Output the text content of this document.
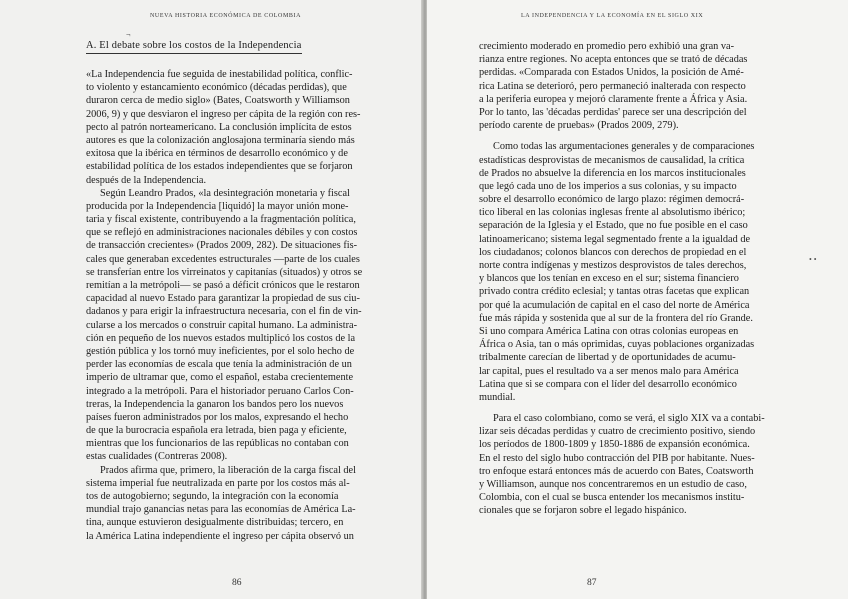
NUEVA HISTORIA ECONÓMICA DE COLOMBIA
¬
A. El debate sobre los costos de la Independencia
«La Independencia fue seguida de inestabilidad política, conflic-
to violento y estancamiento económico (décadas perdidas), que
duraron cerca de medio siglo» (Bates, Coatsworth y Williamson
2006, 9) y que desviaron el ingreso per cápita de la región con res-
pecto al patrón norteamericano. La conclusión implícita de estos
autores es que la colonización anglosajona terminaría siendo más
exitosa que la ibérica en términos de desarrollo económico y de
estabilidad política de los estados independientes que se forjaron
después de la Independencia.
Según Leandro Prados, «la desintegración monetaria y fiscal
producida por la Independencia [liquidó] la mayor unión mone-
taria y fiscal existente, contribuyendo a la fragmentación política,
que se reflejó en administraciones nacionales débiles y con costos
de transacción crecientes» (Prados 2009, 282). De situaciones fis-
cales que generaban excedentes estructurales —parte de los cuales
se transferían entre los virreinatos y capitanías (situados) y otros se
remitían a la metrópoli— se pasó a déficit crónicos que le restaron
capacidad al nuevo Estado para garantizar la propiedad de sus ciu-
dadanos y para erigir la infraestructura necesaria, con el fin de vin-
cularse a los mercados o construir capital humano. La administra-
ción en pequeño de los nuevos estados multiplicó los costos de la
gestión pública y los tornó muy ineficientes, por el solo hecho de
perder las economías de escala que tenía la administración de un
imperio de ultramar que, como el español, estaba crecientemente
integrado a la metrópoli. Para el historiador peruano Carlos Con-
treras, la Independencia la ganaron los bandos pero los nuevos
países fueron administrados por los malos, expresando el hecho
de que la burocracia española era letrada, bien paga y eficiente,
mientras que los funcionarios de las repúblicas no contaban con
estas cualidades (Contreras 2008).
Prados afirma que, primero, la liberación de la carga fiscal del
sistema imperial fue neutralizada en parte por los costos más al-
tos de autogobierno; segundo, la integración con la economía
mundial trajo ganancias netas para las economías de América La-
tina, aunque estuvieron desigualmente distribuidas; tercero, en
la América Latina independiente el ingreso per cápita observó un
86
LA INDEPENDENCIA Y LA ECONOMÍA EN EL SIGLO XIX
• •
crecimiento moderado en promedio pero exhibió una gran va-
rianza entre regiones. No acepta entonces que se trató de décadas
perdidas. «Comparada con Estados Unidos, la posición de Amé-
rica Latina se deterioró, pero permaneció inalterada con respecto
a la periferia europea y mejoró claramente frente a África y Asia.
Por lo tanto, las 'décadas perdidas' parece ser una descripción del
período carente de pruebas» (Prados 2009, 279).
Como todas las argumentaciones generales y de comparaciones
estadísticas desprovistas de mecanismos de causalidad, la crítica
de Prados no absuelve la diferencia en los marcos institucionales
que legó cada uno de los imperios a sus colonias, y su impacto
sobre el desarrollo económico de largo plazo: régimen democrá-
tico liberal en las colonias inglesas frente al absolutismo ibérico;
separación de la Iglesia y el Estado, que no fue posible en el caso
latinoamericano; sistema legal segmentado frente a la igualdad de
los ciudadanos; colonos blancos con derechos de propiedad en el
norte contra indígenas y mestizos desprovistos de tales derechos,
y blancos que los tenían en exceso en el sur; sistema financiero
privado contra crédito eclesial; y tantas otras facetas que explican
por qué la acumulación de capital en el caso del norte de América
fue más rápida y sostenida que al sur de la frontera del río Grande.
Si uno compara América Latina con otras colonias europeas en
África o Asia, tan o más oprimidas, cuyas poblaciones organizadas
tribalmente carecían de libertad y de oportunidades de acumu-
lar capital, pues el resultado va a ser menos malo para América
Latina que si se compara con el líder del desarrollo económico
mundial.
Para el caso colombiano, como se verá, el siglo XIX va a contabi-
lizar seis décadas perdidas y cuatro de crecimiento positivo, siendo
los períodos de 1800-1809 y 1850-1886 de expansión económica.
En el resto del siglo hubo contracción del PIB por habitante. Nues-
tro enfoque estará entonces más de acuerdo con Bates, Coatsworth
y Williamson, aunque nos concentraremos en un estudio de caso,
Colombia, con el cual se busca entender los mecanismos institu-
cionales que se forjaron sobre el legado hispánico.
87
